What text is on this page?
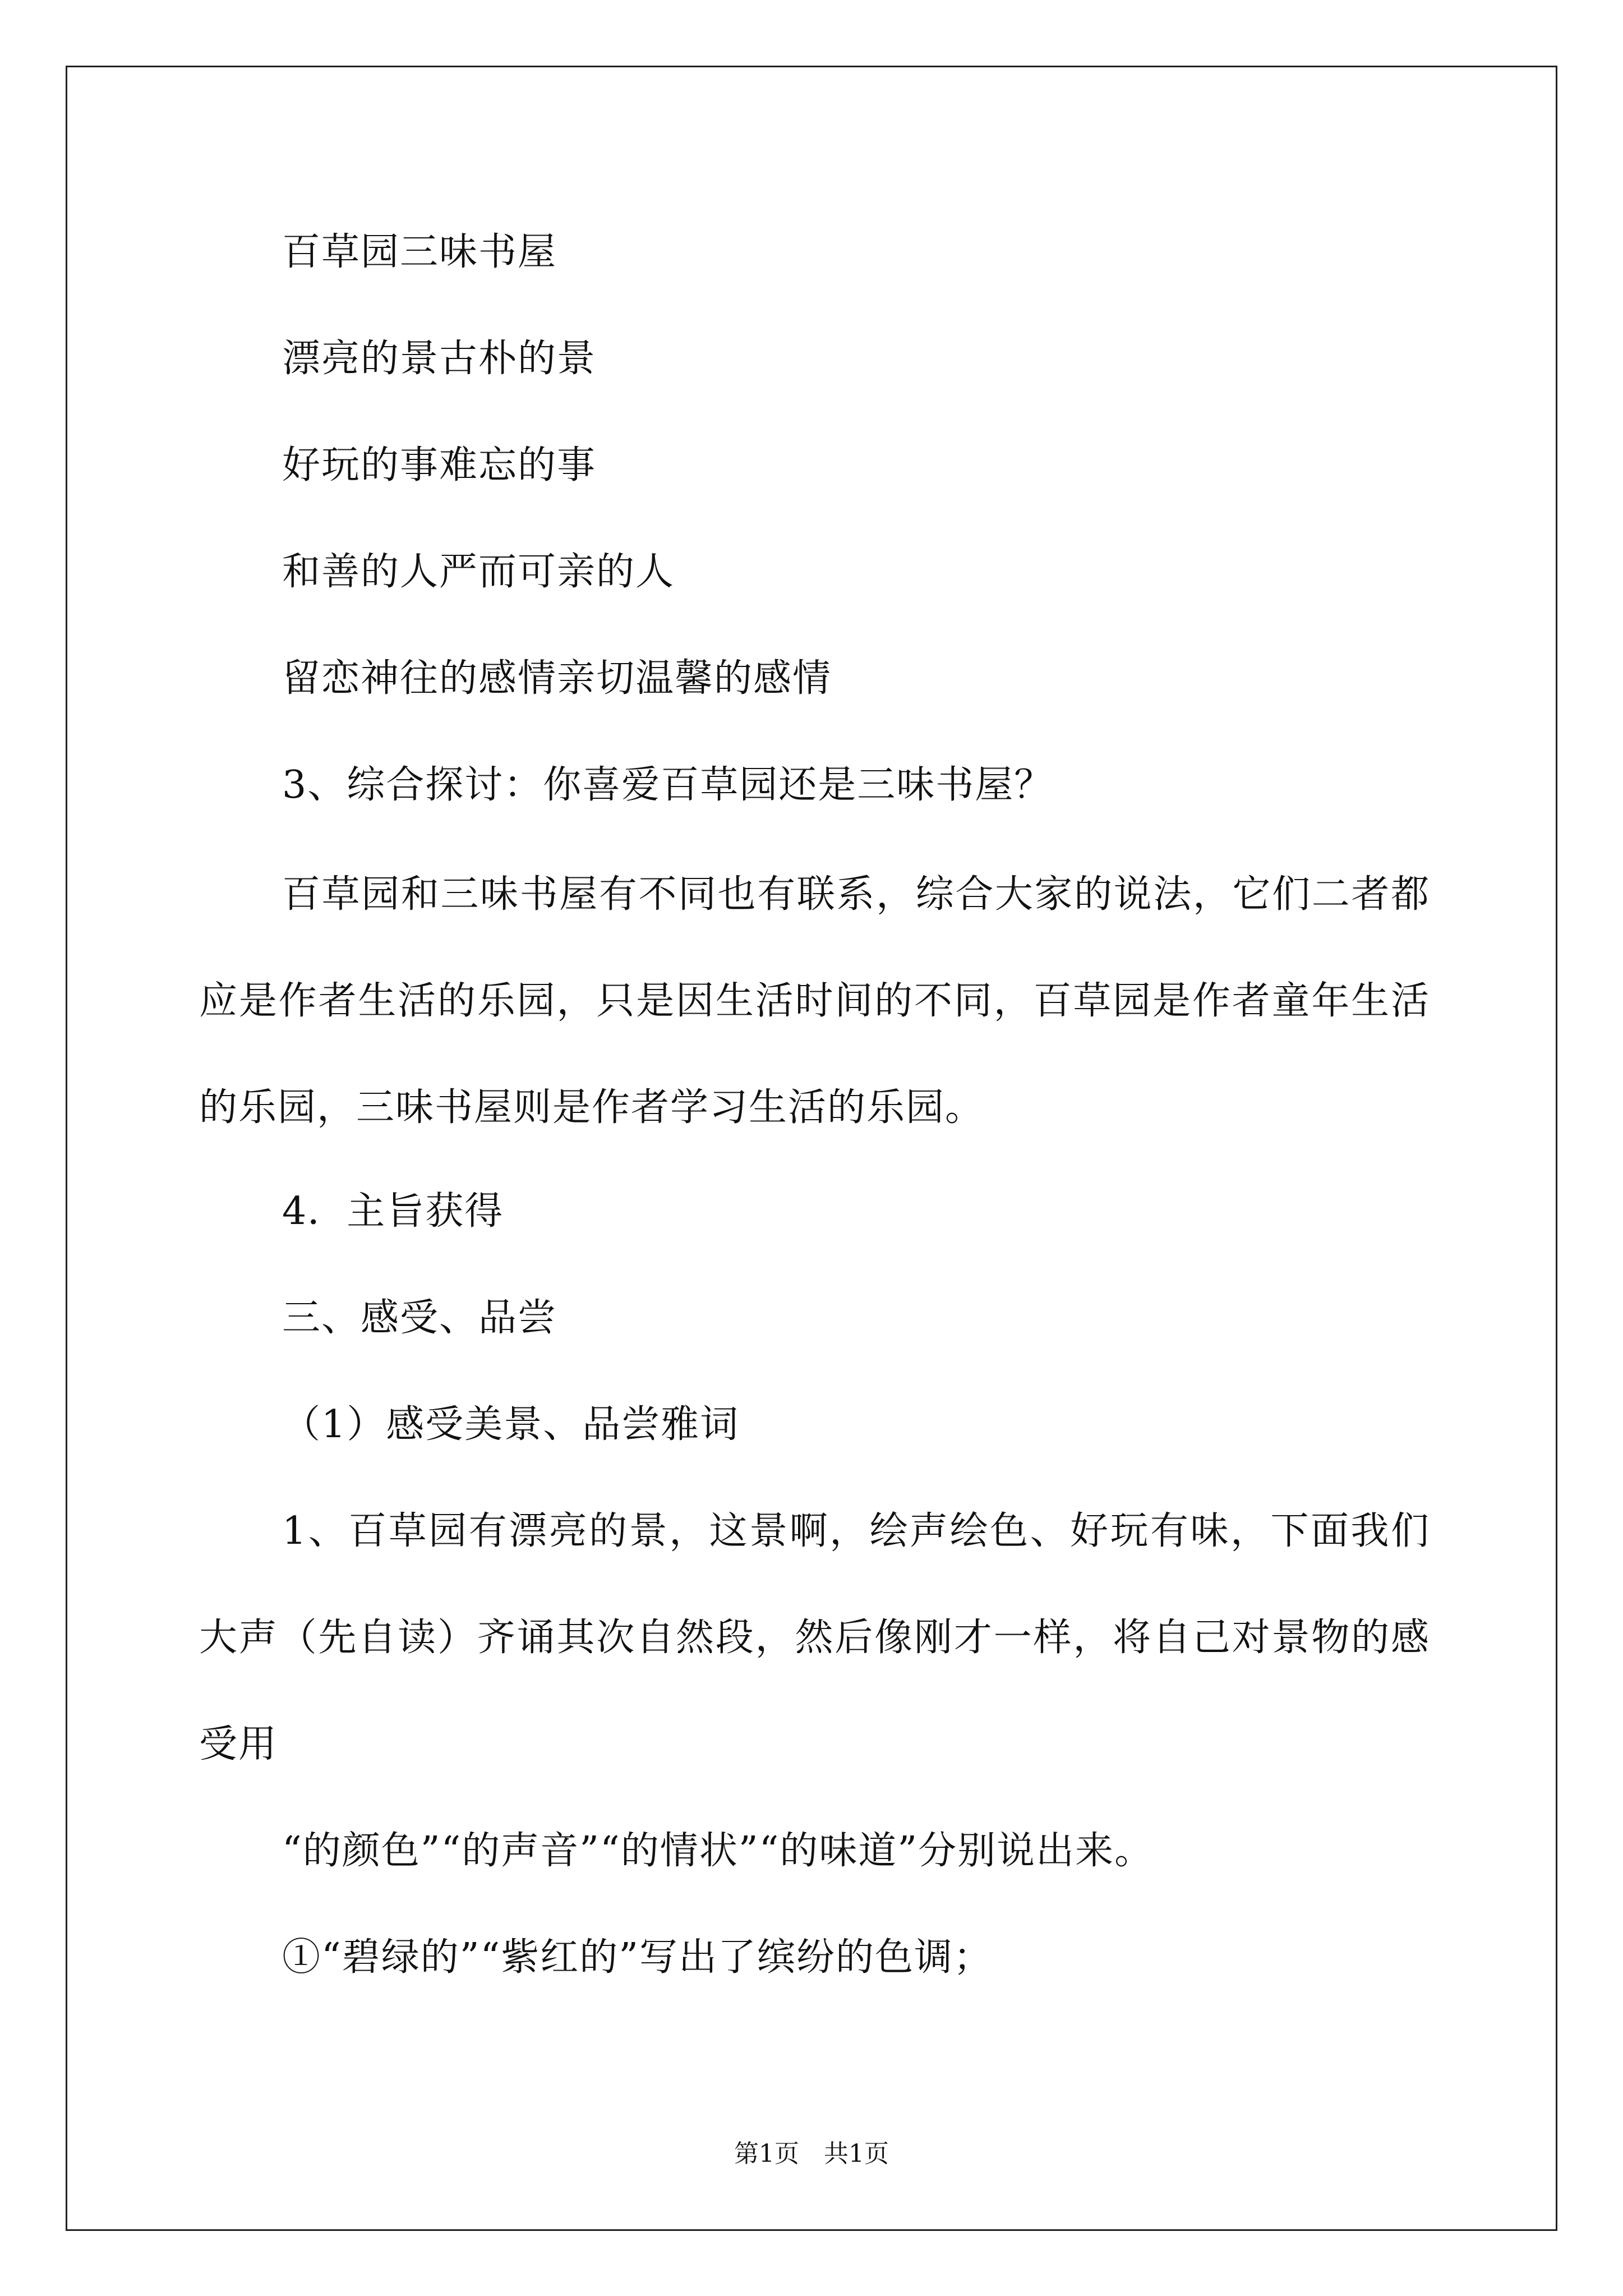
百草园三味书屋
漂亮的景古朴的景
好玩的事难忘的事
和善的人严而可亲的人
留恋神往的感情亲切温馨的感情
3、综合探讨：你喜爱百草园还是三味书屋？
百草园和三味书屋有不同也有联系，综合大家的说法，它们二者都应是作者生活的乐园，只是因生活时间的不同，百草园是作者童年生活的乐园，三味书屋则是作者学习生活的乐园。
4．主旨获得
三、感受、品尝
（1）感受美景、品尝雅词
1、百草园有漂亮的景，这景啊，绘声绘色、好玩有味，下面我们大声（先自读）齐诵其次自然段，然后像刚才一样，将自己对景物的感受用
“的颜色”“的声音”“的情状”“的味道”分别说出来。
①“碧绿的”“紫红的”写出了缤纷的色调；
第1页　共1页
